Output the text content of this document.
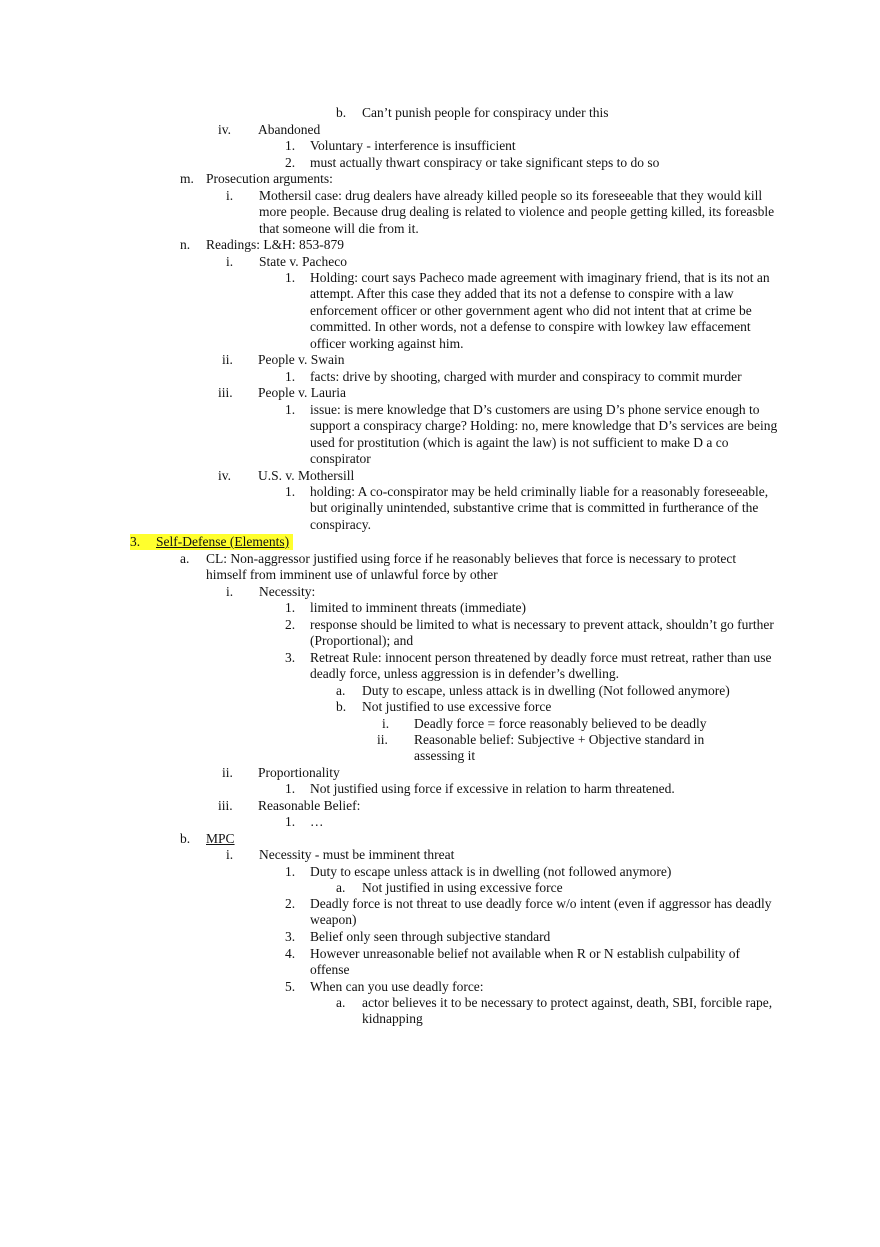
b. Can’t punish people for conspiracy under this
iv. Abandoned
1. Voluntary - interference is insufficient
2. must actually thwart conspiracy or take significant steps to do so
m. Prosecution arguments:
i. Mothersil case: drug dealers have already killed people so its foreseeable that they would kill more people. Because drug dealing is related to violence and people getting killed, its foreasble that someone will die from it.
n. Readings: L&H: 853-879
i. State v. Pacheco
1. Holding: court says Pacheco made agreement with imaginary friend, that is its not an attempt. After this case they added that its not a defense to conspire with a law enforcement officer or other government agent who did not intent that at crime be committed. In other words, not a defense to conspire with lowkey law effacement officer working against him.
ii. People v. Swain
1. facts: drive by shooting, charged with murder and conspiracy to commit murder
iii. People v. Lauria
1. issue: is mere knowledge that D’s customers are using D’s phone service enough to support a conspiracy charge? Holding: no, mere knowledge that D’s services are being used for prostitution (which is againt the law) is not sufficient to make D a co conspirator
iv. U.S. v. Mothersill
1. holding: A co-conspirator may be held criminally liable for a reasonably foreseeable, but originally unintended, substantive crime that is committed in furtherance of the conspiracy.
3.	Self-Defense (Elements)
a. CL: Non-aggressor justified using force if he reasonably believes that force is necessary to protect himself from imminent use of unlawful force by other
i. Necessity:
1. limited to imminent threats (immediate)
2. response should be limited to what is necessary to prevent attack, shouldn’t go further (Proportional); and
3. Retreat Rule: innocent person threatened by deadly force must retreat, rather than use deadly force, unless aggression is in defender’s dwelling.
a. Duty to escape, unless attack is in dwelling (Not followed anymore)
b. Not justified to use excessive force
i. Deadly force = force reasonably believed to be deadly
ii. Reasonable belief: Subjective + Objective standard in assessing it
ii. Proportionality
1. Not justified using force if excessive in relation to harm threatened.
iii. Reasonable Belief:
1. …
b. MPC
i. Necessity - must be imminent threat
1. Duty to escape unless attack is in dwelling (not followed anymore)
a. Not justified in using excessive force
2. Deadly force is not threat to use deadly force w/o intent (even if aggressor has deadly weapon)
3. Belief only seen through subjective standard
4. However unreasonable belief not available when R or N establish culpability of offense
5. When can you use deadly force:
a. actor believes it to be necessary to protect against, death, SBI, forcible rape, kidnapping
